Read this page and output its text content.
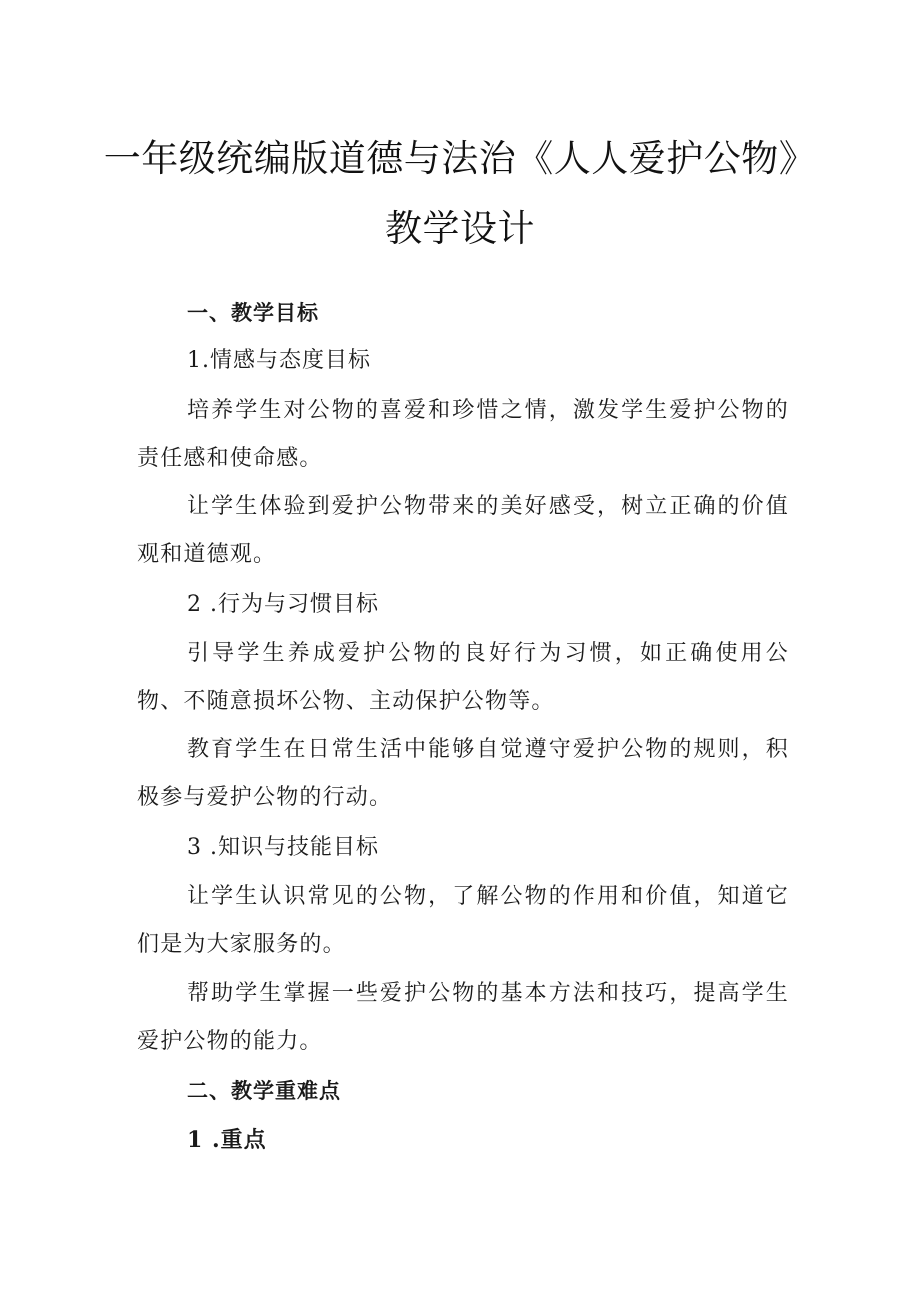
一年级统编版道德与法治《人人爱护公物》
教学设计
一、教学目标
1.情感与态度目标
培养学生对公物的喜爱和珍惜之情，激发学生爱护公物的责任感和使命感。
让学生体验到爱护公物带来的美好感受，树立正确的价值观和道德观。
2 .行为与习惯目标
引导学生养成爱护公物的良好行为习惯，如正确使用公物、不随意损坏公物、主动保护公物等。
教育学生在日常生活中能够自觉遵守爱护公物的规则，积极参与爱护公物的行动。
3 .知识与技能目标
让学生认识常见的公物，了解公物的作用和价值，知道它们是为大家服务的。
帮助学生掌握一些爱护公物的基本方法和技巧，提高学生爱护公物的能力。
二、教学重难点
1 .重点
